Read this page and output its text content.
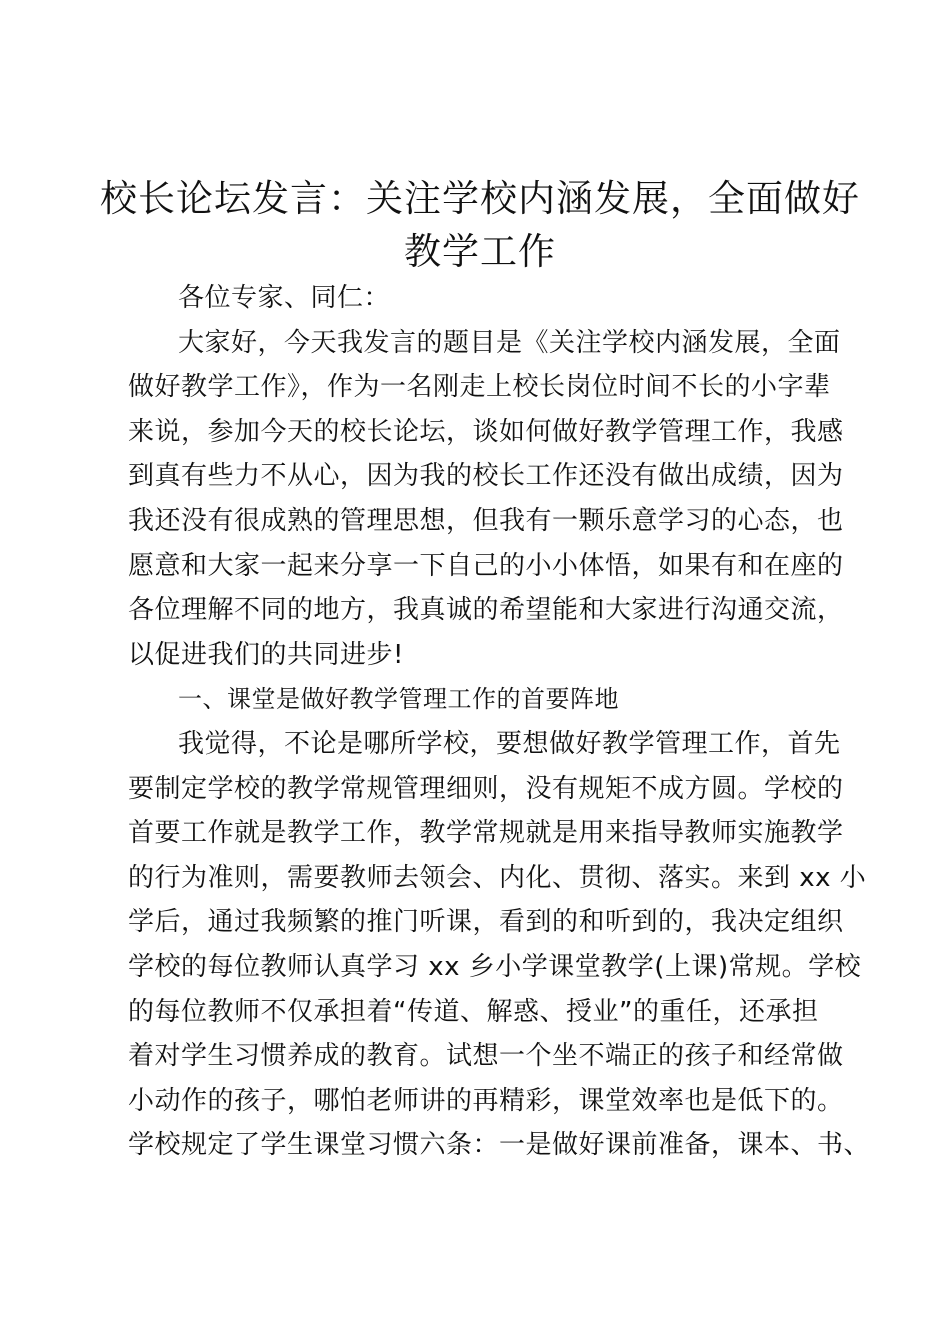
校长论坛发言：关注学校内涵发展，全面做好
教学工作
各位专家、同仁：
大家好，今天我发言的题目是《关注学校内涵发展，全面
做好教学工作》，作为一名刚走上校长岗位时间不长的小字辈
来说，参加今天的校长论坛，谈如何做好教学管理工作，我感
到真有些力不从心，因为我的校长工作还没有做出成绩，因为
我还没有很成熟的管理思想，但我有一颗乐意学习的心态，也
愿意和大家一起来分享一下自己的小小体悟，如果有和在座的
各位理解不同的地方，我真诚的希望能和大家进行沟通交流，
以促进我们的共同进步!
一、课堂是做好教学管理工作的首要阵地
我觉得，不论是哪所学校，要想做好教学管理工作，首先
要制定学校的教学常规管理细则，没有规矩不成方圆。学校的
首要工作就是教学工作，教学常规就是用来指导教师实施教学
的行为准则，需要教师去领会、内化、贯彻、落实。来到 xx 小
学后，通过我频繁的推门听课，看到的和听到的，我决定组织
学校的每位教师认真学习 xx 乡小学课堂教学(上课)常规。学校
的每位教师不仅承担着“传道、解惑、授业”的重任，还承担
着对学生习惯养成的教育。试想一个坐不端正的孩子和经常做
小动作的孩子，哪怕老师讲的再精彩，课堂效率也是低下的。
学校规定了学生课堂习惯六条：一是做好课前准备，课本、书、
